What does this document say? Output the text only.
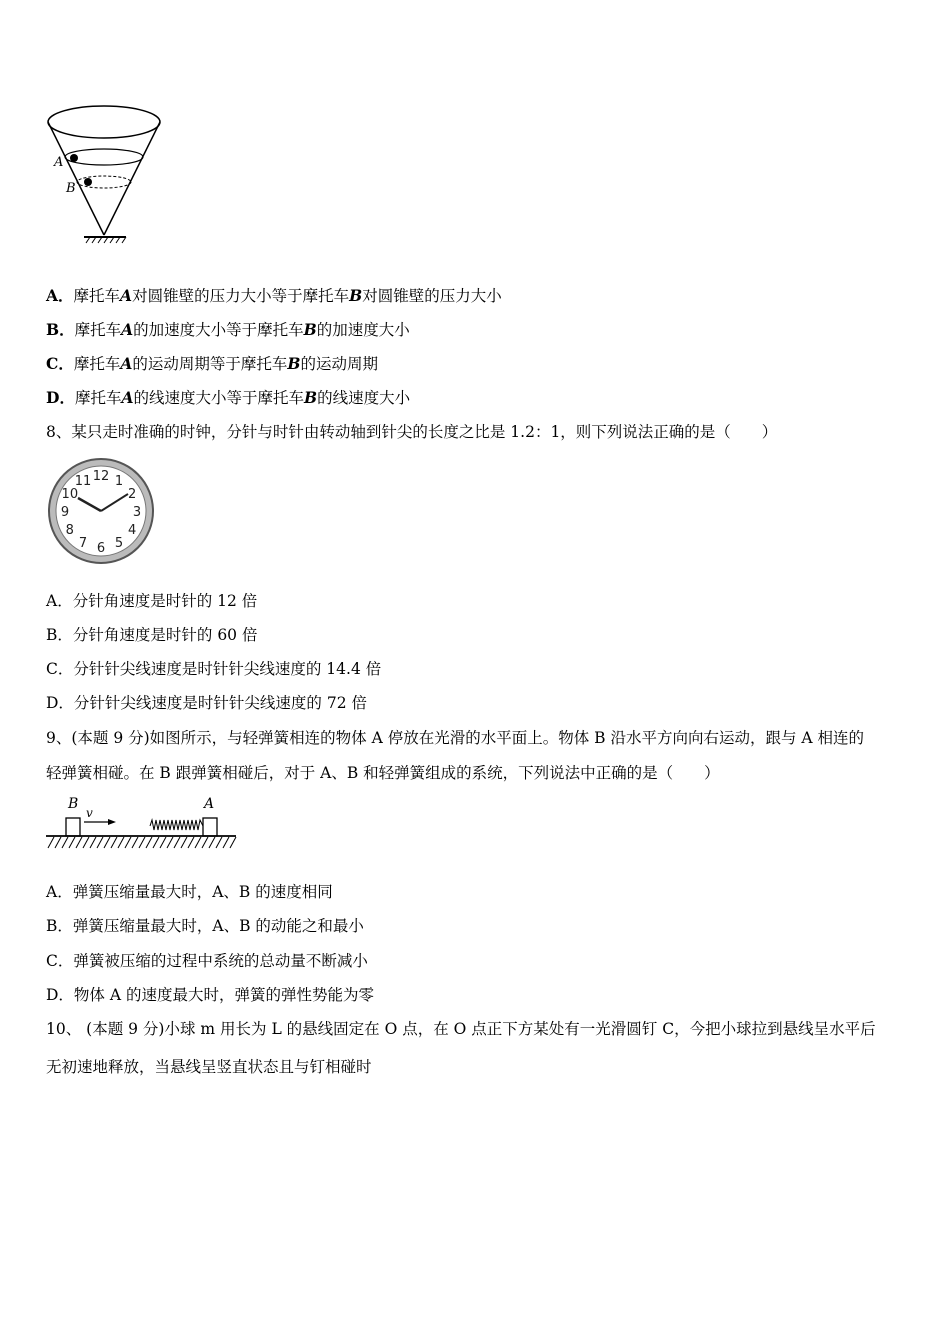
A
B
A．摩托车A对圆锥壁的压力大小等于摩托车B对圆锥壁的压力大小
B．摩托车A的加速度大小等于摩托车B的加速度大小
C．摩托车A的运动周期等于摩托车B的运动周期
D．摩托车A的线速度大小等于摩托车B的线速度大小
8、某只走时准确的时钟，分针与时针由转动轴到针尖的长度之比是 1.2：1，则下列说法正确的是（　　）
12 1
2
3
4
5
6
7
8
9
10
11
A．分针角速度是时针的 12 倍
B．分针角速度是时针的 60 倍
C．分针针尖线速度是时针针尖线速度的 14.4 倍
D．分针针尖线速度是时针针尖线速度的 72 倍
9、(本题 9 分)如图所示，与轻弹簧相连的物体 A 停放在光滑的水平面上。物体 B 沿水平方向向右运动，跟与 A 相连的
轻弹簧相碰。在 B 跟弹簧相碰后，对于 A、B 和轻弹簧组成的系统，下列说法中正确的是（　　）
B
v
A
A．弹簧压缩量最大时，A、B 的速度相同
B．弹簧压缩量最大时，A、B 的动能之和最小
C．弹簧被压缩的过程中系统的总动量不断减小
D．物体 A 的速度最大时，弹簧的弹性势能为零
10、 (本题 9 分)小球 m 用长为 L 的悬线固定在 O 点，在 O 点正下方某处有一光滑圆钉 C，今把小球拉到悬线呈水平后
无初速地释放，当悬线呈竖直状态且与钉相碰时
